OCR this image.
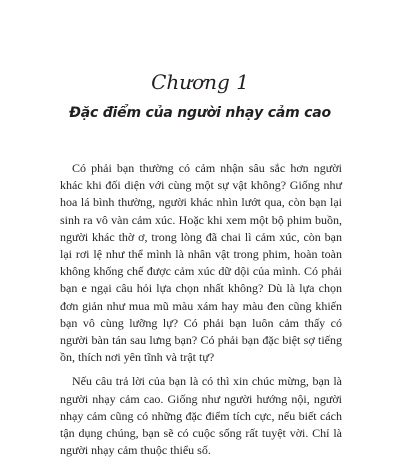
Chương 1
Đặc điểm của người nhạy cảm cao

Có phải bạn thường có cảm nhận sâu sắc hơn người khác khi đối diện với cùng một sự vật không? Giống như hoa lá bình thường, người khác nhìn lướt qua, còn bạn lại sinh ra vô vàn cảm xúc. Hoặc khi xem một bộ phim buồn, người khác thờ ơ, trong lòng đã chai lì cảm xúc, còn bạn lại rơi lệ như thể mình là nhân vật trong phim, hoàn toàn không khống chế được cảm xúc dữ dội của mình. Có phải bạn e ngại câu hỏi lựa chọn nhất không? Dù là lựa chọn đơn giản như mua mũ màu xám hay màu đen cũng khiến bạn vô cùng lưỡng lự? Có phải bạn luôn cảm thấy có người bàn tán sau lưng bạn? Có phải bạn đặc biệt sợ tiếng ồn, thích nơi yên tĩnh và trật tự?

Nếu câu trả lời của bạn là có thì xin chúc mừng, bạn là người nhạy cảm cao. Giống như người hướng nội, người nhạy cảm cũng có những đặc điểm tích cực, nếu biết cách tận dụng chúng, bạn sẽ có cuộc sống rất tuyệt vời. Chỉ là người nhạy cảm thuộc thiểu số.
